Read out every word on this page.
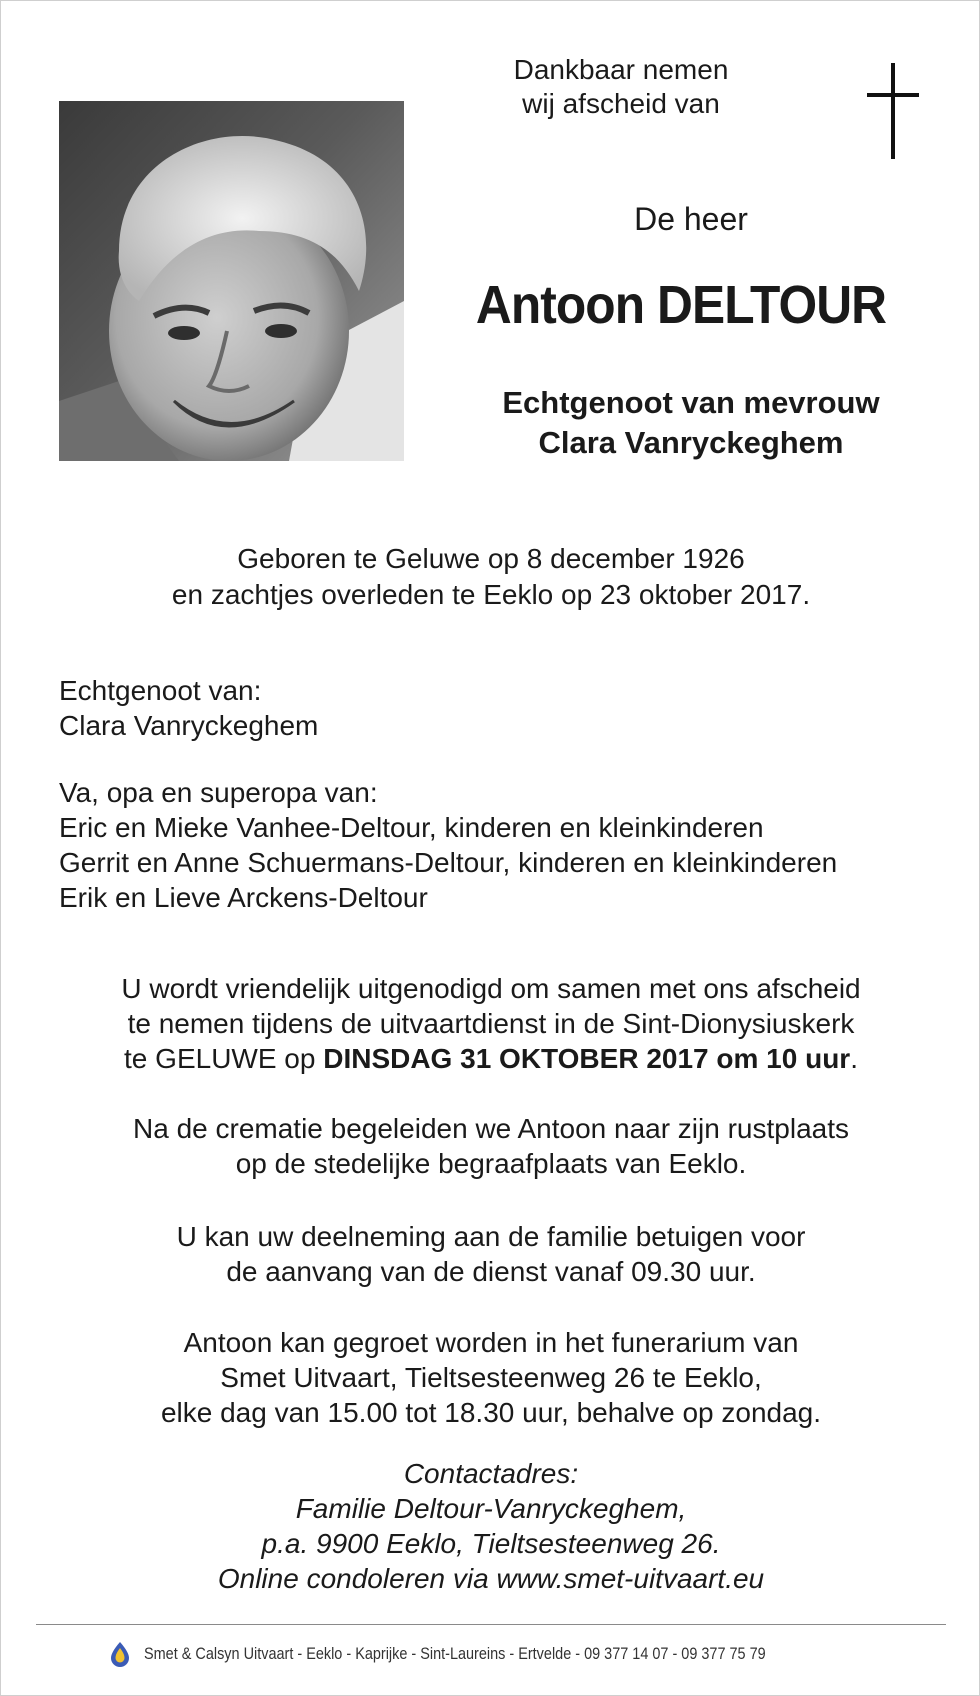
Dankbaar nemen
wij afscheid van
De heer
Antoon DELTOUR
Echtgenoot van mevrouw
Clara Vanryckeghem
Geboren te Geluwe op 8 december 1926
en zachtjes overleden te Eeklo op 23 oktober 2017.
Echtgenoot van:
Clara Vanryckeghem
Va, opa en superopa van:
Eric en Mieke Vanhee-Deltour, kinderen en kleinkinderen
Gerrit en Anne Schuermans-Deltour, kinderen en kleinkinderen
Erik en Lieve Arckens-Deltour
U wordt vriendelijk uitgenodigd om samen met ons afscheid
te nemen tijdens de uitvaartdienst in de Sint-Dionysiuskerk
te GELUWE op DINSDAG 31 OKTOBER 2017 om 10 uur.
Na de crematie begeleiden we Antoon naar zijn rustplaats
op de stedelijke begraafplaats van Eeklo.
U kan uw deelneming aan de familie betuigen voor
de aanvang van de dienst vanaf 09.30 uur.
Antoon kan gegroet worden in het funerarium van
Smet Uitvaart, Tieltsesteenweg 26 te Eeklo,
elke dag van 15.00 tot 18.30 uur, behalve op zondag.
Contactadres:
Familie Deltour-Vanryckeghem,
p.a. 9900 Eeklo, Tieltsesteenweg 26.
Online condoleren via www.smet-uitvaart.eu
Smet & Calsyn Uitvaart - Eeklo - Kaprijke - Sint-Laureins - Ertvelde - 09 377 14 07 - 09 377 75 79
